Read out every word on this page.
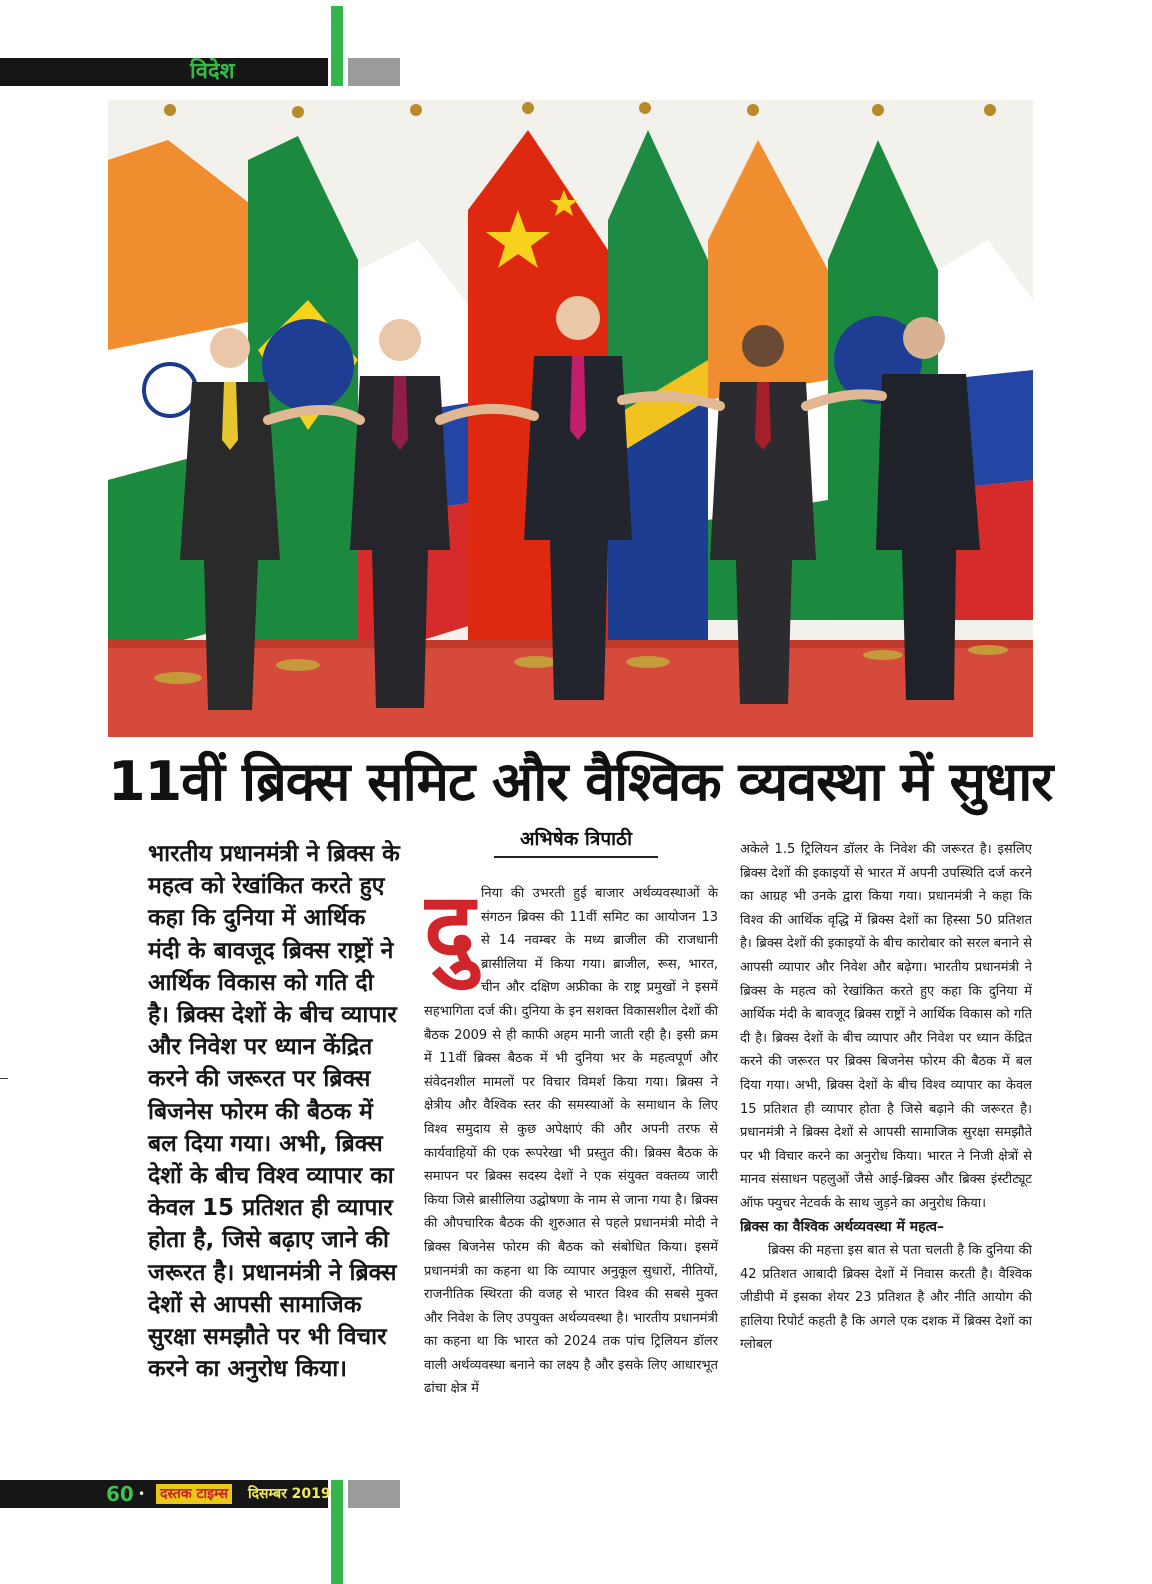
विदेश
11वीं ब्रिक्स समिट और वैश्विक व्यवस्था में सुधार
भारतीय प्रधानमंत्री ने ब्रिक्स के महत्व को रेखांकित करते हुए कहा कि दुनिया में आर्थिक मंदी के बावजूद ब्रिक्स राष्ट्रों ने आर्थिक विकास को गति दी है। ब्रिक्स देशों के बीच व्यापार और निवेश पर ध्यान केंद्रित करने की जरूरत पर ब्रिक्स बिजनेस फोरम की बैठक में बल दिया गया। अभी, ब्रिक्स देशों के बीच विश्व व्यापार का केवल 15 प्रतिशत ही व्यापार होता है, जिसे बढ़ाए जाने की जरूरत है। प्रधानमंत्री ने ब्रिक्स देशों से आपसी सामाजिक सुरक्षा समझौते पर भी विचार करने का अनुरोध किया।
अभिषेक त्रिपाठी

दुनिया की उभरती हुई बाजार अर्थव्यवस्थाओं के संगठन ब्रिक्स की 11वीं समिट का आयोजन 13 से 14 नवम्बर के मध्य ब्राजील की राजधानी ब्रासीलिया में किया गया। ब्राजील, रूस, भारत, चीन और दक्षिण अफ्रीका के राष्ट्र प्रमुखों ने इसमें सहभागिता दर्ज की। दुनिया के इन सशक्त विकासशील देशों की बैठक 2009 से ही काफी अहम मानी जाती रही है। इसी क्रम में 11वीं ब्रिक्स बैठक में भी दुनिया भर के महत्वपूर्ण और संवेदनशील मामलों पर विचार विमर्श किया गया। ब्रिक्स ने क्षेत्रीय और वैश्विक स्तर की समस्याओं के समाधान के लिए विश्व समुदाय से कुछ अपेक्षाएं की और अपनी तरफ से कार्यवाहियों की एक रूपरेखा भी प्रस्तुत की। ब्रिक्स बैठक के समापन पर ब्रिक्स सदस्य देशों ने एक संयुक्त वक्तव्य जारी किया जिसे ब्रासीलिया उद्घोषणा के नाम से जाना गया है। ब्रिक्स की औपचारिक बैठक की शुरुआत से पहले प्रधानमंत्री मोदी ने ब्रिक्स बिजनेस फोरम की बैठक को संबोधित किया। इसमें प्रधानमंत्री का कहना था कि व्यापार अनुकूल सुधारों, नीतियों, राजनीतिक स्थिरता की वजह से भारत विश्व की सबसे मुक्त और निवेश के लिए उपयुक्त अर्थव्यवस्था है। भारतीय प्रधानमंत्री का कहना था कि भारत को 2024 तक पांच ट्रिलियन डॉलर वाली अर्थव्यवस्था बनाने का लक्ष्य है और इसके लिए आधारभूत ढांचा क्षेत्र में

अकेले 1.5 ट्रिलियन डॉलर के निवेश की जरूरत है। इसलिए ब्रिक्स देशों की इकाइयों से भारत में अपनी उपस्थिति दर्ज करने का आग्रह भी उनके द्वारा किया गया। प्रधानमंत्री ने कहा कि विश्व की आर्थिक वृद्धि में ब्रिक्स देशों का हिस्सा 50 प्रतिशत है। ब्रिक्स देशों की इकाइयों के बीच कारोबार को सरल बनाने से आपसी व्यापार और निवेश और बढ़ेगा। भारतीय प्रधानमंत्री ने ब्रिक्स के महत्व को रेखांकित करते हुए कहा कि दुनिया में आर्थिक मंदी के बावजूद ब्रिक्स राष्ट्रों ने आर्थिक विकास को गति दी है। ब्रिक्स देशों के बीच व्यापार और निवेश पर ध्यान केंद्रित करने की जरूरत पर ब्रिक्स बिजनेस फोरम की बैठक में बल दिया गया। अभी, ब्रिक्स देशों के बीच विश्व व्यापार का केवल 15 प्रतिशत ही व्यापार होता है जिसे बढ़ाने की जरूरत है। प्रधानमंत्री ने ब्रिक्स देशों से आपसी सामाजिक सुरक्षा समझौते पर भी विचार करने का अनुरोध किया। भारत ने निजी क्षेत्रों से मानव संसाधन पहलुओं जैसे आई-ब्रिक्स और ब्रिक्स इंस्टीट्यूट ऑफ फ्युचर नेटवर्क के साथ जुड़ने का अनुरोध किया।

ब्रिक्स का वैश्विक अर्थव्यवस्था में महत्व–

ब्रिक्स की महत्ता इस बात से पता चलती है कि दुनिया की 42 प्रतिशत आबादी ब्रिक्स देशों में निवास करती है। वैश्विक जीडीपी में इसका शेयर 23 प्रतिशत है और नीति आयोग की हालिया रिपोर्ट कहती है कि अगले एक दशक में ब्रिक्स देशों का ग्लोबल

60 • दस्तक टाइम्स दिसम्बर 2019
